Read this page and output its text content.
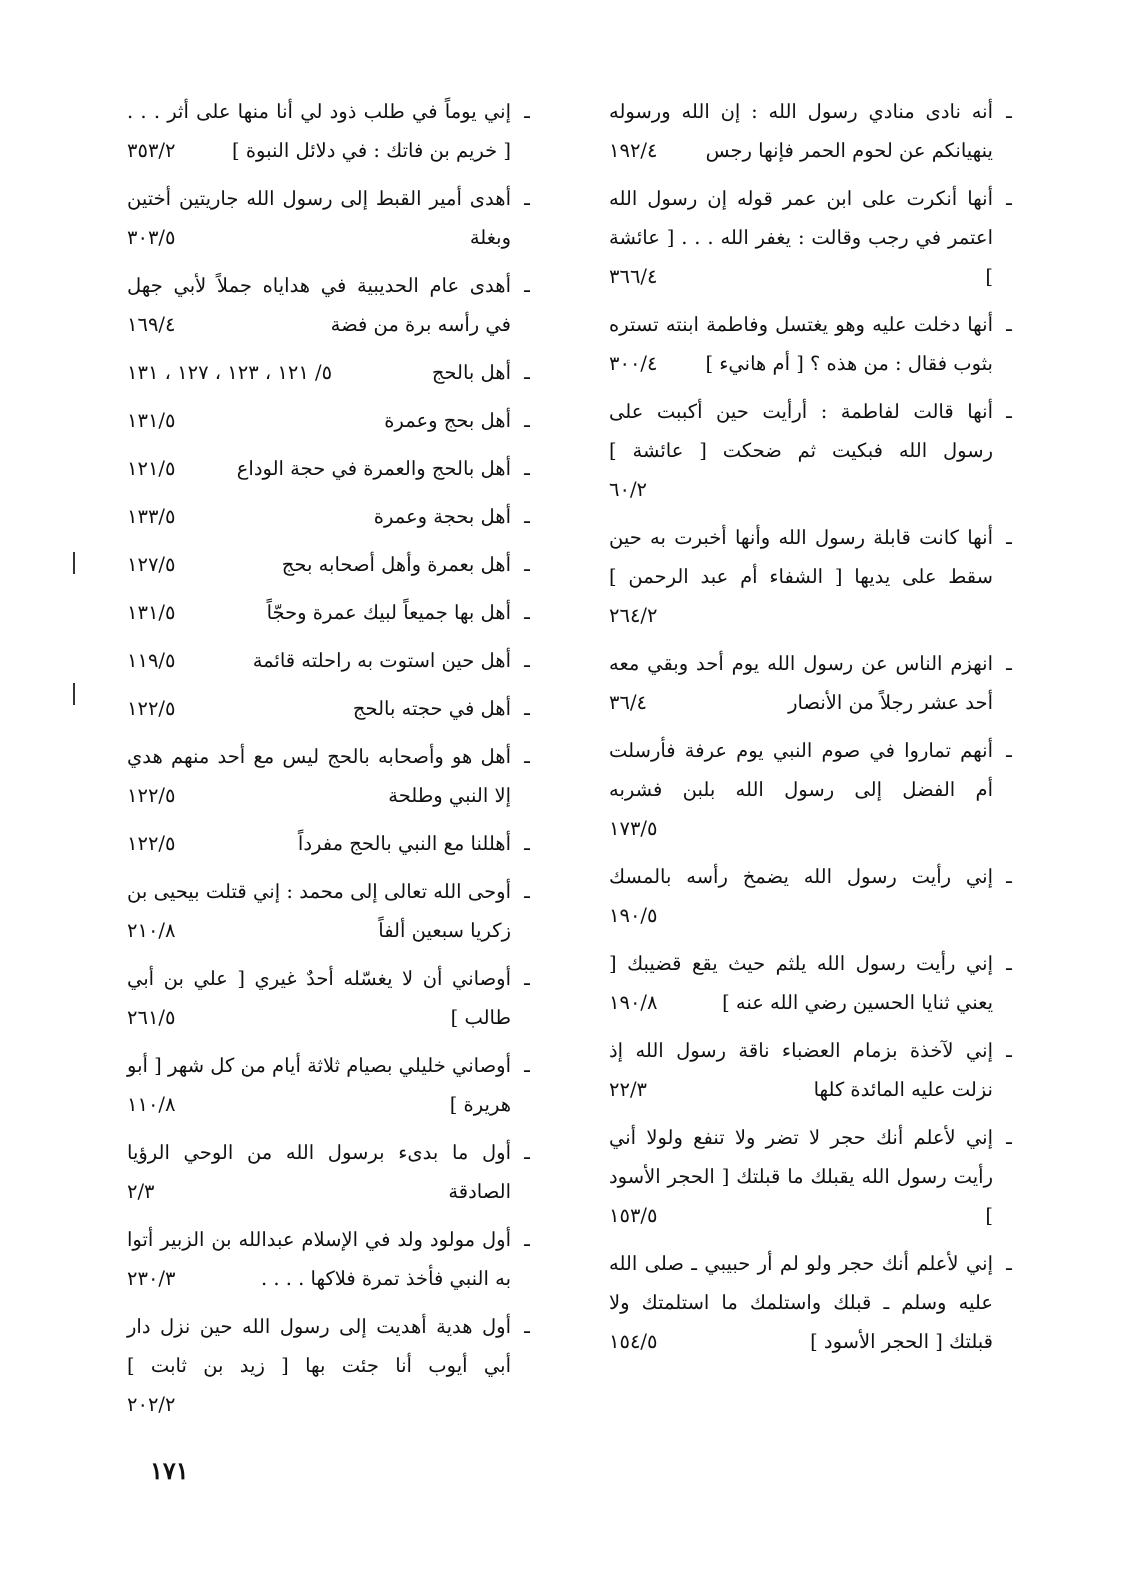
ـ
أنه نادى منادي رسول الله : إن الله ورسوله ينهيانكم عن لحوم الحمر فإنها رجس
١٩٢/٤
ـ
أنها أنكرت على ابن عمر قوله إن رسول الله اعتمر في رجب وقالت : يغفر الله . . . [ عائشة ]
٣٦٦/٤
ـ
أنها دخلت عليه وهو يغتسل وفاطمة ابنته تستره بثوب فقال : من هذه ؟ [ أم هانيء ]
٣٠٠/٤
ـ
أنها قالت لفاطمة : أرأيت حين أكببت على رسول الله فبكيت ثم ضحكت [ عائشة ]
٦٠/٢
ـ
أنها كانت قابلة رسول الله وأنها أخبرت به حين سقط على يديها [ الشفاء أم عبد الرحمن ]
٢٦٤/٢
ـ
انهزم الناس عن رسول الله يوم أحد وبقي معه أحد عشر رجلاً من الأنصار
٣٦/٤
ـ
أنهم تماروا في صوم النبي يوم عرفة فأرسلت أم الفضل إلى رسول الله بلبن فشربه
١٧٣/٥
ـ
إني رأيت رسول الله يضمخ رأسه بالمسك
١٩٠/٥
ـ
إني رأيت رسول الله يلثم حيث يقع قضيبك [ يعني ثنايا الحسين رضي الله عنه ]
١٩٠/٨
ـ
إني لآخذة بزمام العضباء ناقة رسول الله إذ نزلت عليه المائدة كلها
٢٢/٣
ـ
إني لأعلم أنك حجر لا تضر ولا تنفع ولولا أني رأيت رسول الله يقبلك ما قبلتك [ الحجر الأسود ]
١٥٣/٥
ـ
إني لأعلم أنك حجر ولو لم أر حبيبي ـ صلى الله عليه وسلم ـ قبلك واستلمك ما استلمتك ولا قبلتك [ الحجر الأسود ]
١٥٤/٥
ـ
إني يوماً في طلب ذود لي أنا منها على أثر . . . [ خريم بن فاتك : في دلائل النبوة ]
٣٥٣/٢
ـ
أهدى أمير القبط إلى رسول الله جاريتين أختين وبغلة
٣٠٣/٥
ـ
أهدى عام الحديبية في هداياه جملاً لأبي جهل في رأسه برة من فضة
١٦٩/٤
ـ
أهل بالحج
٥/ ١٢١ ، ١٢٣ ، ١٢٧ ، ١٣١
ـ
أهل بحج وعمرة
١٣١/٥
ـ
أهل بالحج والعمرة في حجة الوداع
١٢١/٥
ـ
أهل بحجة وعمرة
١٣٣/٥
ـ
أهل بعمرة وأهل أصحابه بحج
١٢٧/٥
ـ
أهل بها جميعاً لبيك عمرة وحجّاً
١٣١/٥
ـ
أهل حين استوت به راحلته قائمة
١١٩/٥
ـ
أهل في حجته بالحج
١٢٢/٥
ـ
أهل هو وأصحابه بالحج ليس مع أحد منهم هدي إلا النبي وطلحة
١٢٢/٥
ـ
أهللنا مع النبي بالحج مفرداً
١٢٢/٥
ـ
أوحى الله تعالى إلى محمد : إني قتلت بيحيى بن زكريا سبعين ألفاً
٢١٠/٨
ـ
أوصاني أن لا يغسّله أحدٌ غيري [ علي بن أبي طالب ]
٢٦١/٥
ـ
أوصاني خليلي بصيام ثلاثة أيام من كل شهر [ أبو هريرة ]
١١٠/٨
ـ
أول ما بدىء برسول الله من الوحي الرؤيا الصادقة
٢/٣
ـ
أول مولود ولد في الإسلام عبدالله بن الزبير أتوا به النبي فأخذ تمرة فلاكها . . . .
٢٣٠/٣
ـ
أول هدية أهديت إلى رسول الله حين نزل دار أبي أيوب أنا جئت بها [ زيد بن ثابت ]
٢٠٢/٢
١٧١
